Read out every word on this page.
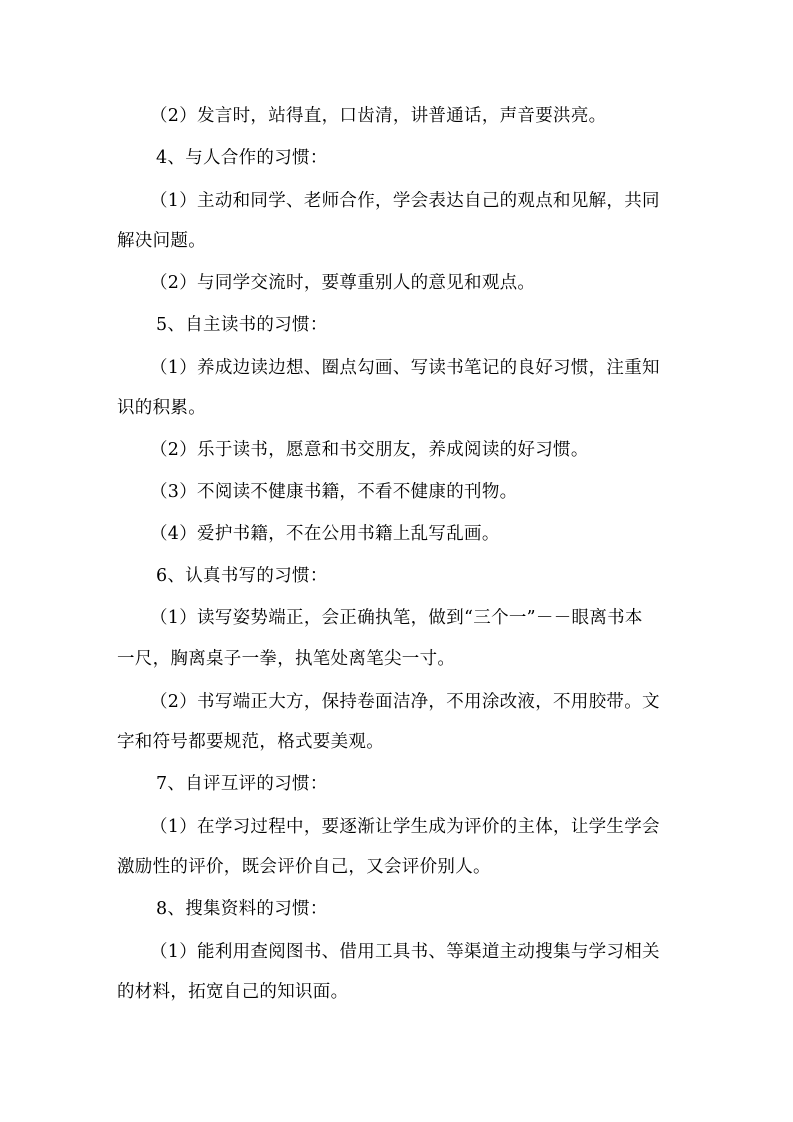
（2）发言时，站得直，口齿清，讲普通话，声音要洪亮。
4、与人合作的习惯：
（1）主动和同学、老师合作，学会表达自己的观点和见解，共同
解决问题。
（2）与同学交流时，要尊重别人的意见和观点。
5、自主读书的习惯：
（1）养成边读边想、圈点勾画、写读书笔记的良好习惯，注重知
识的积累。
（2）乐于读书，愿意和书交朋友，养成阅读的好习惯。
（3）不阅读不健康书籍，不看不健康的刊物。
（4）爱护书籍，不在公用书籍上乱写乱画。
6、认真书写的习惯：
（1）读写姿势端正，会正确执笔，做到“三个一”－－眼离书本
一尺，胸离桌子一拳，执笔处离笔尖一寸。
（2）书写端正大方，保持卷面洁净，不用涂改液，不用胶带。文
字和符号都要规范，格式要美观。
7、自评互评的习惯：
（1）在学习过程中，要逐渐让学生成为评价的主体，让学生学会
激励性的评价，既会评价自己，又会评价别人。
8、搜集资料的习惯：
（1）能利用查阅图书、借用工具书、等渠道主动搜集与学习相关
的材料，拓宽自己的知识面。
